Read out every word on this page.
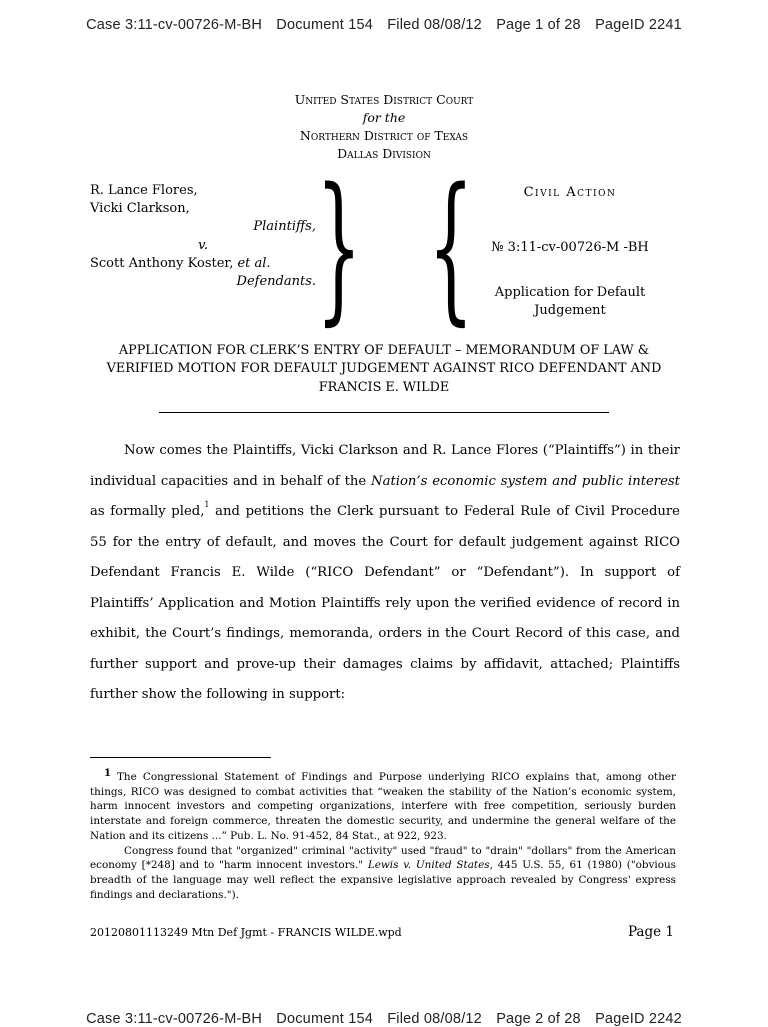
Case 3:11-cv-00726-M-BH Document 154 Filed 08/08/12 Page 1 of 28 PageID 2241
United States District Court
for the
Northern District of Texas
Dallas Division
R. Lance Flores,
Vicki Clarkson,
Plaintiffs,
v.
Scott Anthony Koster, et al.
Defendants. } {	Civil Action
№ 3:11-cv-00726-M -BH
Application for Default
Judgement
APPLICATION FOR CLERK’S ENTRY OF DEFAULT – MEMORANDUM OF LAW &
VERIFIED MOTION FOR DEFAULT JUDGEMENT AGAINST RICO DEFENDANT AND
FRANCIS E. WILDE

Now comes the Plaintiffs, Vicki Clarkson and R. Lance Flores (“Plaintiffs”) in their individual capacities and in behalf of the Nation’s economic system and public interest as formally pled,$^1$ and petitions the Clerk pursuant to Federal Rule of Civil Procedure 55 for the entry of default, and moves the Court for default judgement against RICO Defendant Francis E. Wilde (“RICO Defendant” or “Defendant”). In support of Plaintiffs’ Application and Motion Plaintiffs rely upon the verified evidence of record in exhibit, the Court’s findings, memoranda, orders in the Court Record of this case, and further support and prove-up their damages claims by affidavit, attached; Plaintiffs further show the following in support:

1 The Congressional Statement of Findings and Purpose underlying RICO explains that, among other things, RICO was designed to combat activities that “weaken the stability of the Nation’s economic system, harm innocent investors and competing organizations, interfere with free competition, seriously burden interstate and foreign commerce, threaten the domestic security, and undermine the general welfare of the Nation and its citizens ...” Pub. L. No. 91-452, 84 Stat., at 922, 923.

Congress found that "organized" criminal "activity" used "fraud" to "drain" "dollars" from the American economy [*248] and to "harm innocent investors." Lewis v. United States, 445 U.S. 55, 61 (1980) ("obvious breadth of the language may well reflect the expansive legislative approach revealed by Congress' express findings and declarations.").

20120801113249 Mtn Def Jgmt - FRANCIS WILDE.wpd	Page 1
Case 3:11-cv-00726-M-BH Document 154 Filed 08/08/12 Page 2 of 28 PageID 2242
